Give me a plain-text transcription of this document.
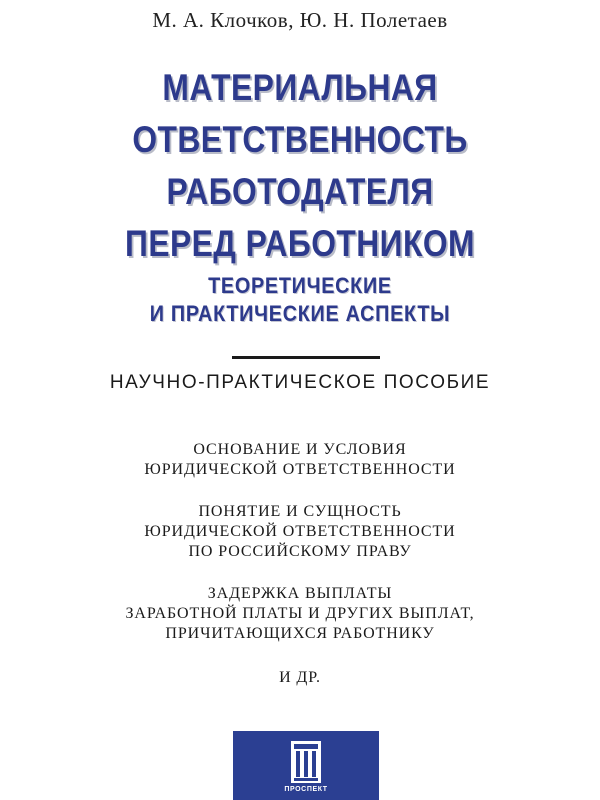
М. А. Клочков, Ю. Н. Полетаев
МАТЕРИАЛЬНАЯ
ОТВЕТСТВЕННОСТЬ
РАБОТОДАТЕЛЯ
ПЕРЕД РАБОТНИКОМ
ТЕОРЕТИЧЕСКИЕ
И ПРАКТИЧЕСКИЕ АСПЕКТЫ
НАУЧНО-ПРАКТИЧЕСКОЕ ПОСОБИЕ
ОСНОВАНИЕ И УСЛОВИЯ
ЮРИДИЧЕСКОЙ ОТВЕТСТВЕННОСТИ
ПОНЯТИЕ И СУЩНОСТЬ
ЮРИДИЧЕСКОЙ ОТВЕТСТВЕННОСТИ
ПО РОССИЙСКОМУ ПРАВУ
ЗАДЕРЖКА ВЫПЛАТЫ
ЗАРАБОТНОЙ ПЛАТЫ И ДРУГИХ ВЫПЛАТ,
ПРИЧИТАЮЩИХСЯ РАБОТНИКУ
И ДР.
ПРОСПЕКТ
